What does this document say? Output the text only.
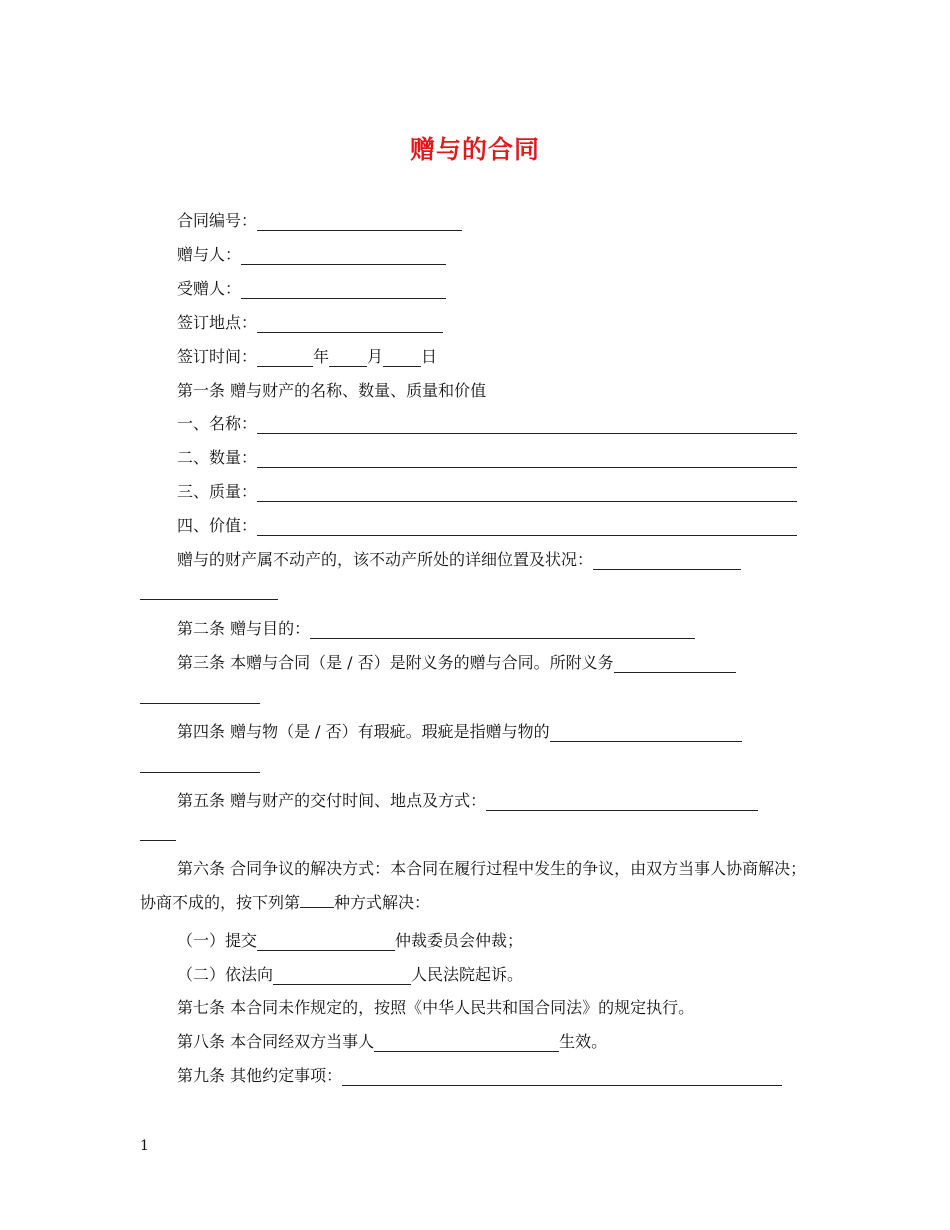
赠与的合同
合同编号：
赠与人：
受赠人：
签订地点：
签订时间：	年 月 日
第一条 赠与财产的名称、数量、质量和价值
一、名称：
二、数量：
三、质量：
四、价值：
赠与的财产属不动产的，该不动产所处的详细位置及状况：
第二条 赠与目的：
第三条 本赠与合同（是 / 否）是附义务的赠与合同。所附义务
第四条 赠与物（是 / 否）有瑕疵。瑕疵是指赠与物的
第五条 赠与财产的交付时间、地点及方式：

第六条 合同争议的解决方式：本合同在履行过程中发生的争议，由双方当事人协商解决；协商不成的，按下列第 种方式解决：

（一）提交	仲裁委员会仲裁；
（二）依法向	人民法院起诉。
第七条 本合同未作规定的，按照《中华人民共和国合同法》的规定执行。
第八条 本合同经双方当事人	生效。
第九条 其他约定事项：
1
